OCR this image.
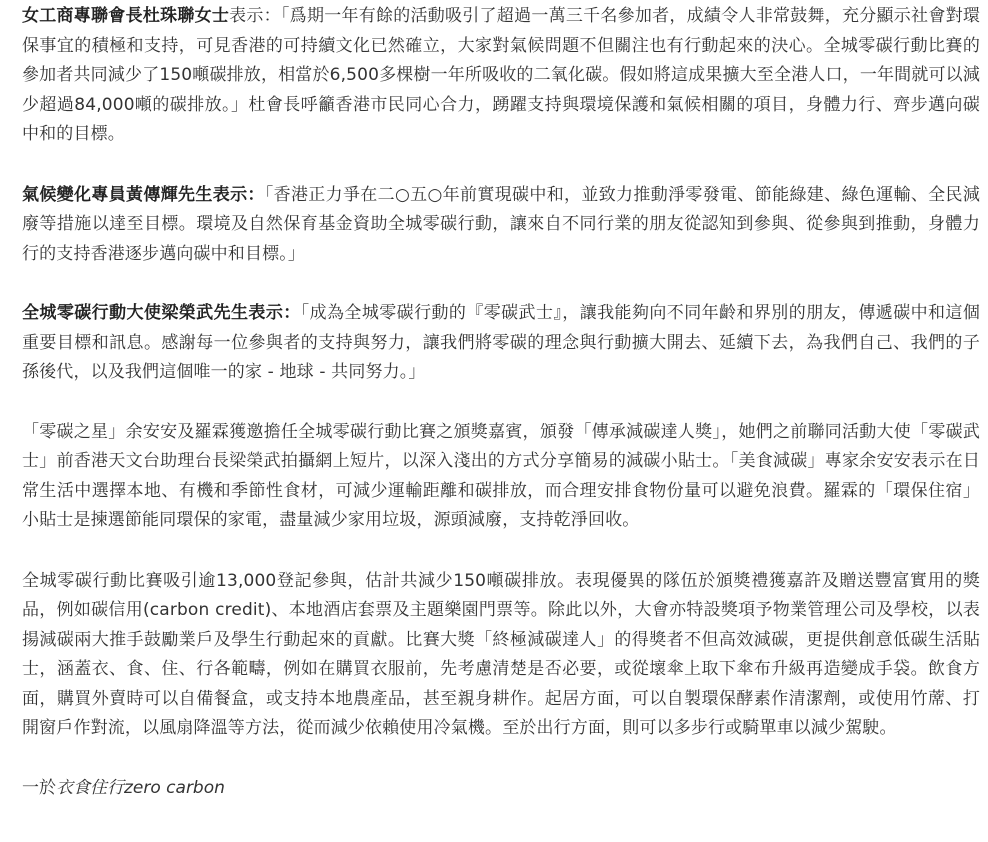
女工商專聯會長杜珠聯女士表示：「爲期一年有餘的活動吸引了超過一萬三千名參加者，成績令人非常鼓舞，充分顯示社會對環保事宜的積極和支持，可見香港的可持續文化已然確立，大家對氣候問題不但關注也有行動起來的決心。全城零碳行動比賽的參加者共同減少了150噸碳排放，相當於6,500多棵樹一年所吸收的二氧化碳。假如將這成果擴大至全港人口，一年間就可以減少超過84,000噸的碳排放。」杜會長呼籲香港市民同心合力，踴躍支持與環境保護和氣候相關的項目，身體力行、齊步邁向碳中和的目標。

氣候變化專員黃傳輝先生表示：「香港正力爭在二○五○年前實現碳中和，並致力推動淨零發電、節能綠建、綠色運輸、全民減廢等措施以達至目標。環境及自然保育基金資助全城零碳行動，讓來自不同行業的朋友從認知到參與、從參與到推動，身體力行的支持香港逐步邁向碳中和目標。」

全城零碳行動大使梁榮武先生表示：「成為全城零碳行動的『零碳武士』，讓我能夠向不同年齡和界別的朋友，傳遞碳中和這個重要目標和訊息。感謝每一位參與者的支持與努力，讓我們將零碳的理念與行動擴大開去、延續下去，為我們自己、我們的子孫後代，以及我們這個唯一的家 - 地球 - 共同努力。」

「零碳之星」余安安及羅霖獲邀擔任全城零碳行動比賽之頒獎嘉賓，頒發「傳承減碳達人獎」，她們之前聯同活動大使「零碳武士」前香港天文台助理台長梁榮武拍攝網上短片，以深入淺出的方式分享簡易的減碳小貼士。「美食減碳」專家余安安表示在日常生活中選擇本地、有機和季節性食材，可減少運輸距離和碳排放，而合理安排食物份量可以避免浪費。羅霖的「環保住宿」小貼士是揀選節能同環保的家電，盡量減少家用垃圾，源頭減廢，支持乾淨回收。

全城零碳行動比賽吸引逾13,000登記參與，估計共減少150噸碳排放。表現優異的隊伍於頒獎禮獲嘉許及贈送豐富實用的獎品，例如碳信用(carbon credit)、本地酒店套票及主題樂園門票等。除此以外，大會亦特設獎項予物業管理公司及學校，以表揚減碳兩大推手鼓勵業戶及學生行動起來的貢獻。比賽大獎「終極減碳達人」的得獎者不但高效減碳，更提供創意低碳生活貼士，涵蓋衣、食、住、行各範疇，例如在購買衣服前，先考慮清楚是否必要，或從壞傘上取下傘布升級再造變成手袋。飲食方面，購買外賣時可以自備餐盒，或支持本地農產品，甚至親身耕作。起居方面，可以自製環保酵素作清潔劑，或使用竹蓆、打開窗戶作對流，以風扇降溫等方法，從而減少依賴使用冷氣機。至於出行方面，則可以多步行或騎單車以減少駕駛。

一於衣食住行zero carbon
